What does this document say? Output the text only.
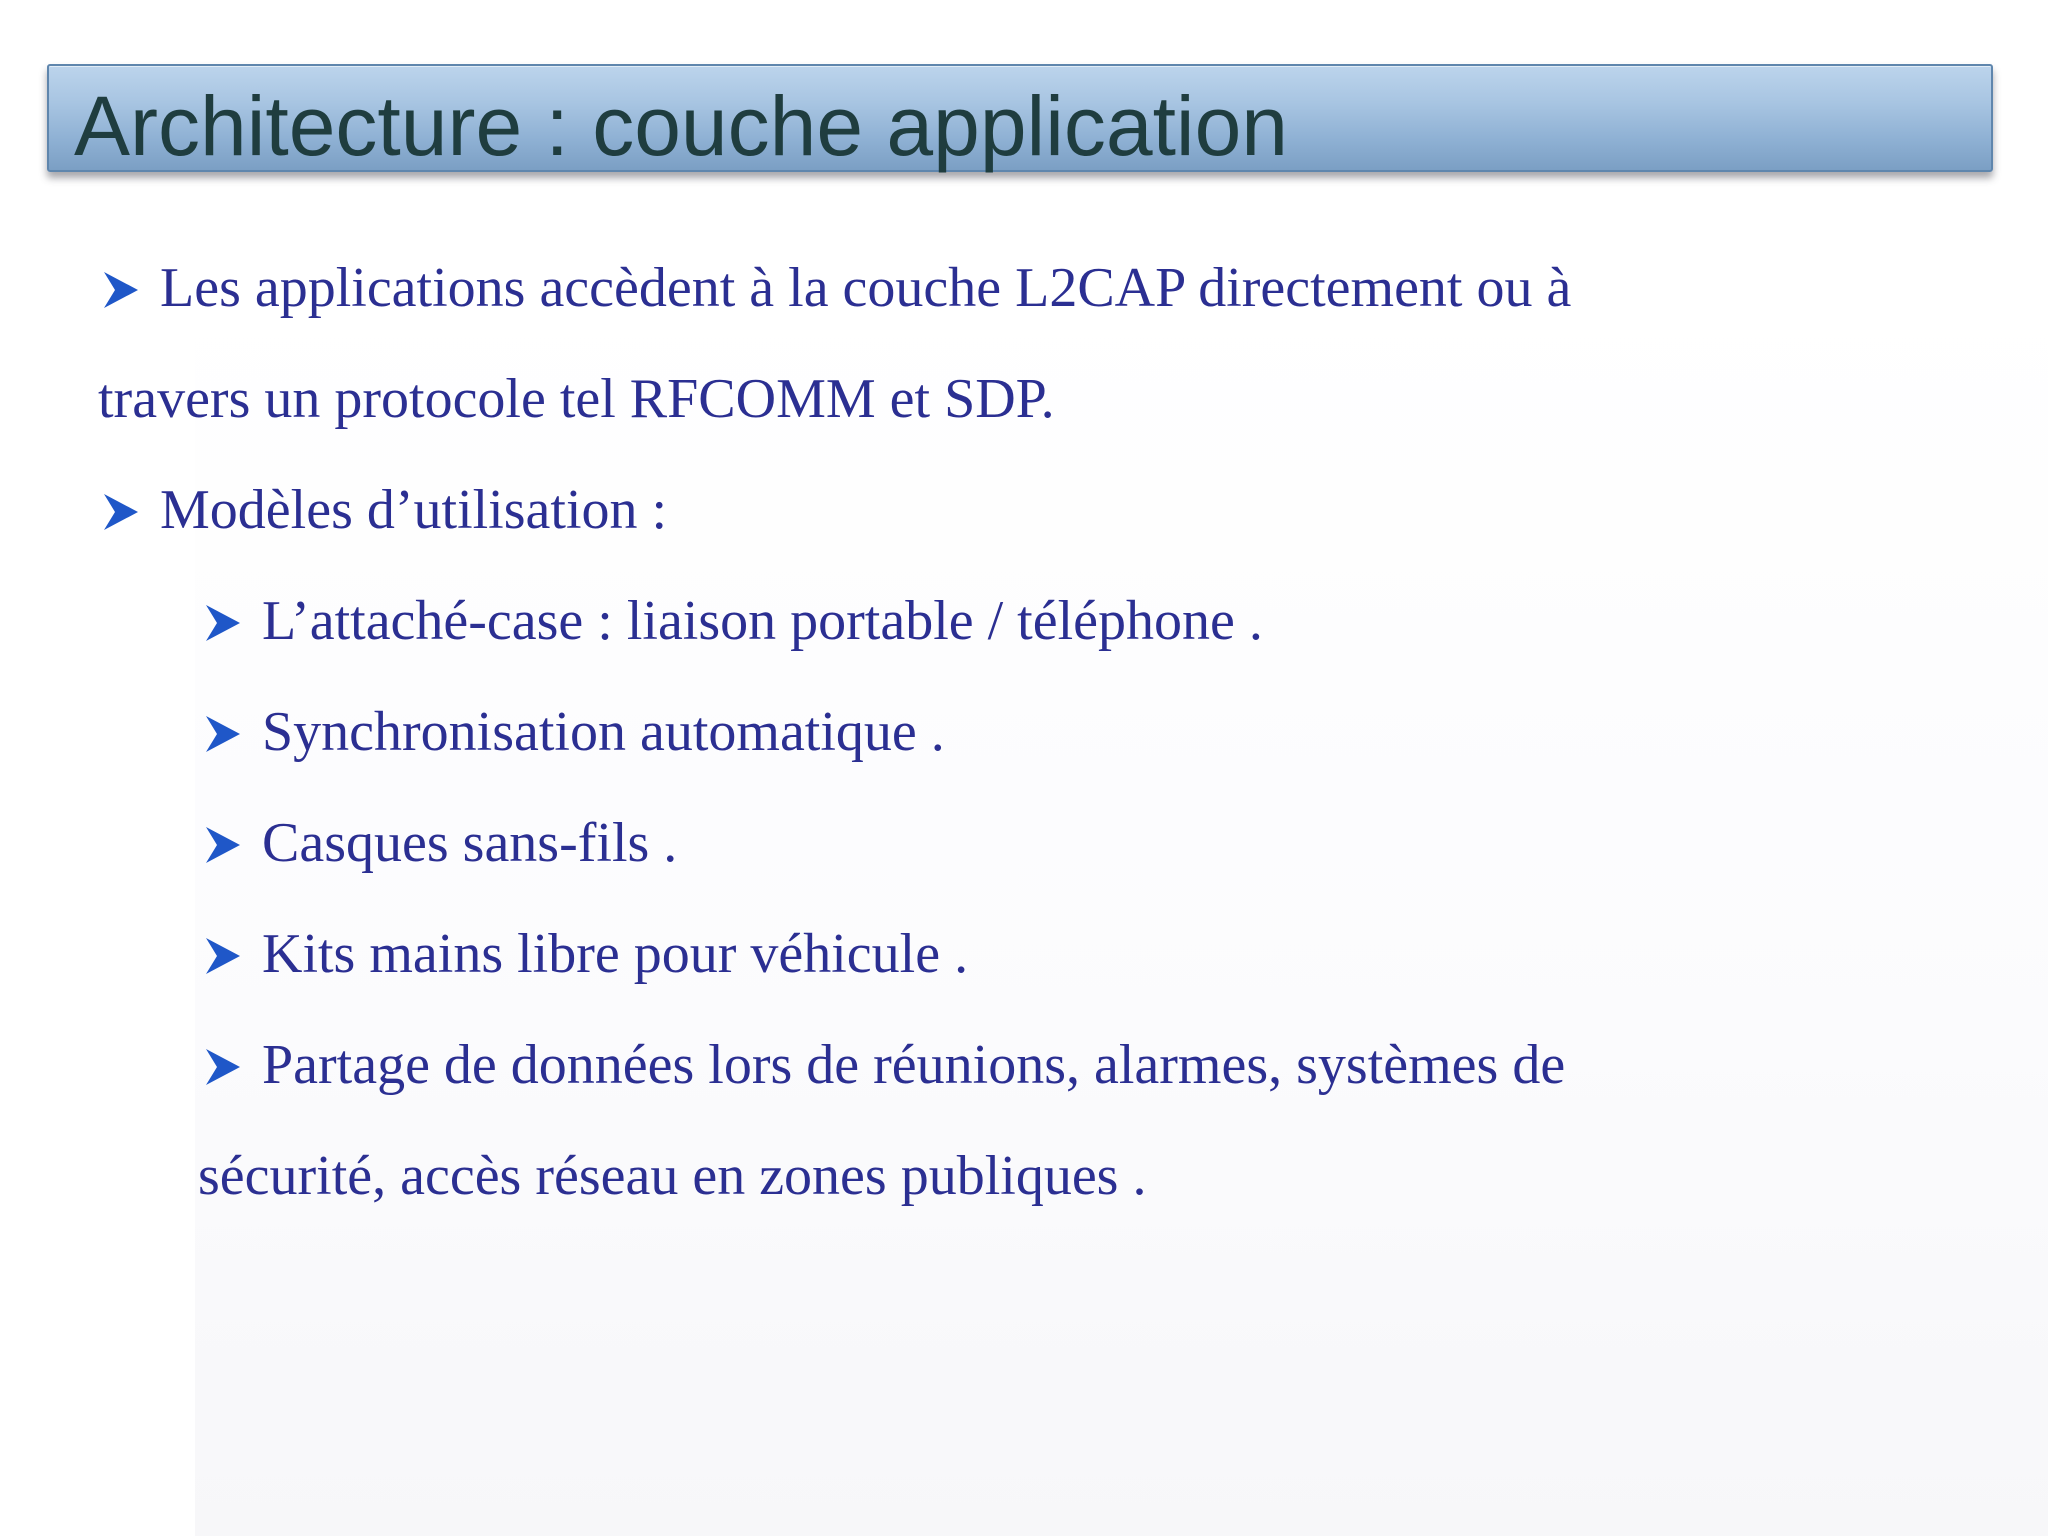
Architecture : couche application

Les applications accèdent à la couche L2CAP directement ou à

travers un protocole tel RFCOMM et SDP.

Modèles d’utilisation :

L’attaché-case : liaison portable / téléphone .

Synchronisation automatique .

Casques sans-fils .

Kits mains libre pour véhicule .

Partage de données lors de réunions, alarmes, systèmes de

sécurité, accès réseau en zones publiques .
